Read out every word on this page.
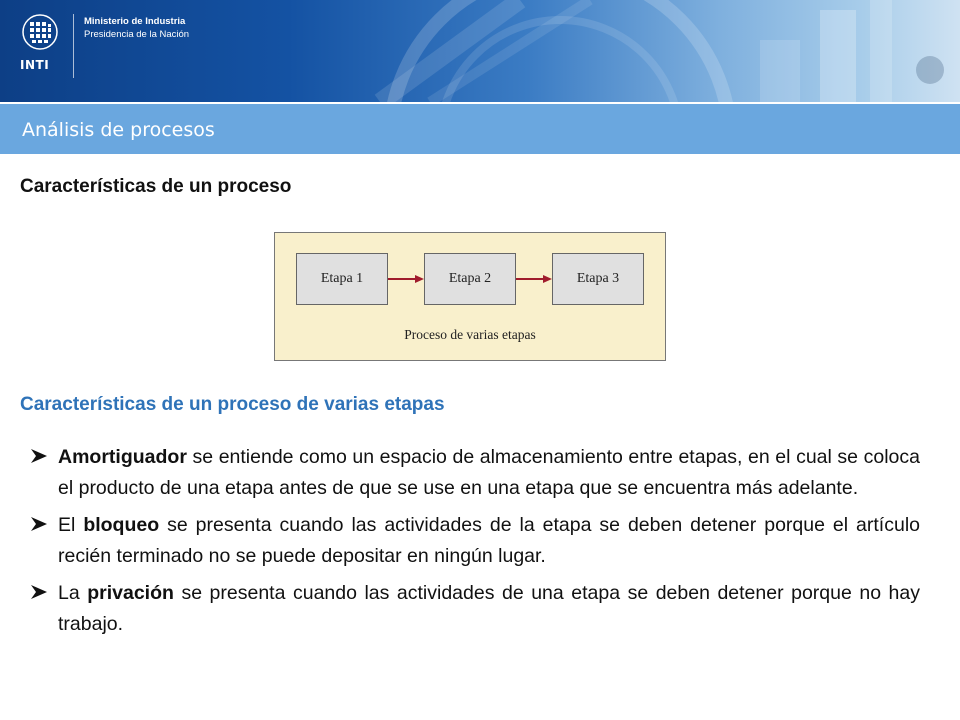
INTI
Ministerio de Industria
Presidencia de la Nación
Análisis de procesos
Características de un proceso
Etapa 1	Etapa 2	Etapa 3
Proceso de varias etapas
Características de un proceso de varias etapas
Amortiguador se entiende como un espacio de almacenamiento entre etapas, en el cual se coloca el producto de una etapa antes de que se use en una etapa que se encuentra más adelante.
El bloqueo se presenta cuando las actividades de la etapa se deben detener porque el artículo recién terminado no se puede depositar en ningún lugar.
La privación se presenta cuando las actividades de una etapa se deben detener porque no hay trabajo.
